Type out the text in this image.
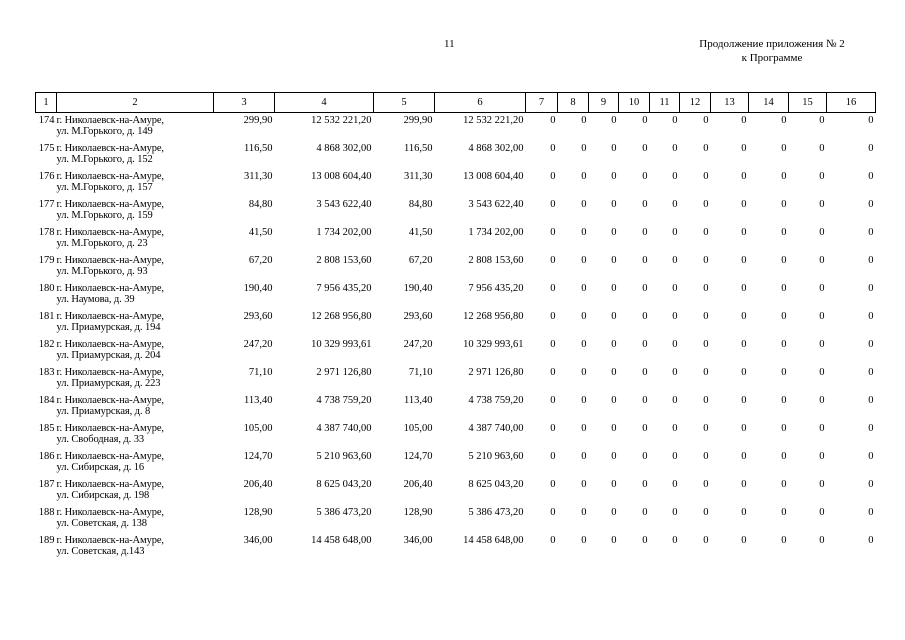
11	Продолжение приложения № 2
к Программе
1	2	3	4	5	6	7	8	9	10	11	12	13	14	15	16
174	г. Николаевск-на-Амуре,
ул. М.Горького, д. 149	299,90	12 532 221,20	299,90	12 532 221,20	0	0	0	0	0	0	0	0	0	0
175	г. Николаевск-на-Амуре,
ул. М.Горького, д. 152	116,50	4 868 302,00	116,50	4 868 302,00	0	0	0	0	0	0	0	0	0	0
176	г. Николаевск-на-Амуре,
ул. М.Горького, д. 157	311,30	13 008 604,40	311,30	13 008 604,40	0	0	0	0	0	0	0	0	0	0
177	г. Николаевск-на-Амуре,
ул. М.Горького, д. 159	84,80	3 543 622,40	84,80	3 543 622,40	0	0	0	0	0	0	0	0	0	0
178	г. Николаевск-на-Амуре,
ул. М.Горького, д. 23	41,50	1 734 202,00	41,50	1 734 202,00	0	0	0	0	0	0	0	0	0	0
179	г. Николаевск-на-Амуре,
ул. М.Горького, д. 93	67,20	2 808 153,60	67,20	2 808 153,60	0	0	0	0	0	0	0	0	0	0
180	г. Николаевск-на-Амуре,
ул. Наумова, д. 39	190,40	7 956 435,20	190,40	7 956 435,20	0	0	0	0	0	0	0	0	0	0
181	г. Николаевск-на-Амуре,
ул. Приамурская, д. 194	293,60	12 268 956,80	293,60	12 268 956,80	0	0	0	0	0	0	0	0	0	0
182	г. Николаевск-на-Амуре,
ул. Приамурская, д. 204	247,20	10 329 993,61	247,20	10 329 993,61	0	0	0	0	0	0	0	0	0	0
183	г. Николаевск-на-Амуре,
ул. Приамурская, д. 223	71,10	2 971 126,80	71,10	2 971 126,80	0	0	0	0	0	0	0	0	0	0
184	г. Николаевск-на-Амуре,
ул. Приамурская, д. 8	113,40	4 738 759,20	113,40	4 738 759,20	0	0	0	0	0	0	0	0	0	0
185	г. Николаевск-на-Амуре,
ул. Свободная, д. 33	105,00	4 387 740,00	105,00	4 387 740,00	0	0	0	0	0	0	0	0	0	0
186	г. Николаевск-на-Амуре,
ул. Сибирская, д. 16	124,70	5 210 963,60	124,70	5 210 963,60	0	0	0	0	0	0	0	0	0	0
187	г. Николаевск-на-Амуре,
ул. Сибирская, д. 198	206,40	8 625 043,20	206,40	8 625 043,20	0	0	0	0	0	0	0	0	0	0
188	г. Николаевск-на-Амуре,
ул. Советская, д. 138	128,90	5 386 473,20	128,90	5 386 473,20	0	0	0	0	0	0	0	0	0	0
189	г. Николаевск-на-Амуре,
ул. Советская, д.143	346,00	14 458 648,00	346,00	14 458 648,00	0	0	0	0	0	0	0	0	0	0
